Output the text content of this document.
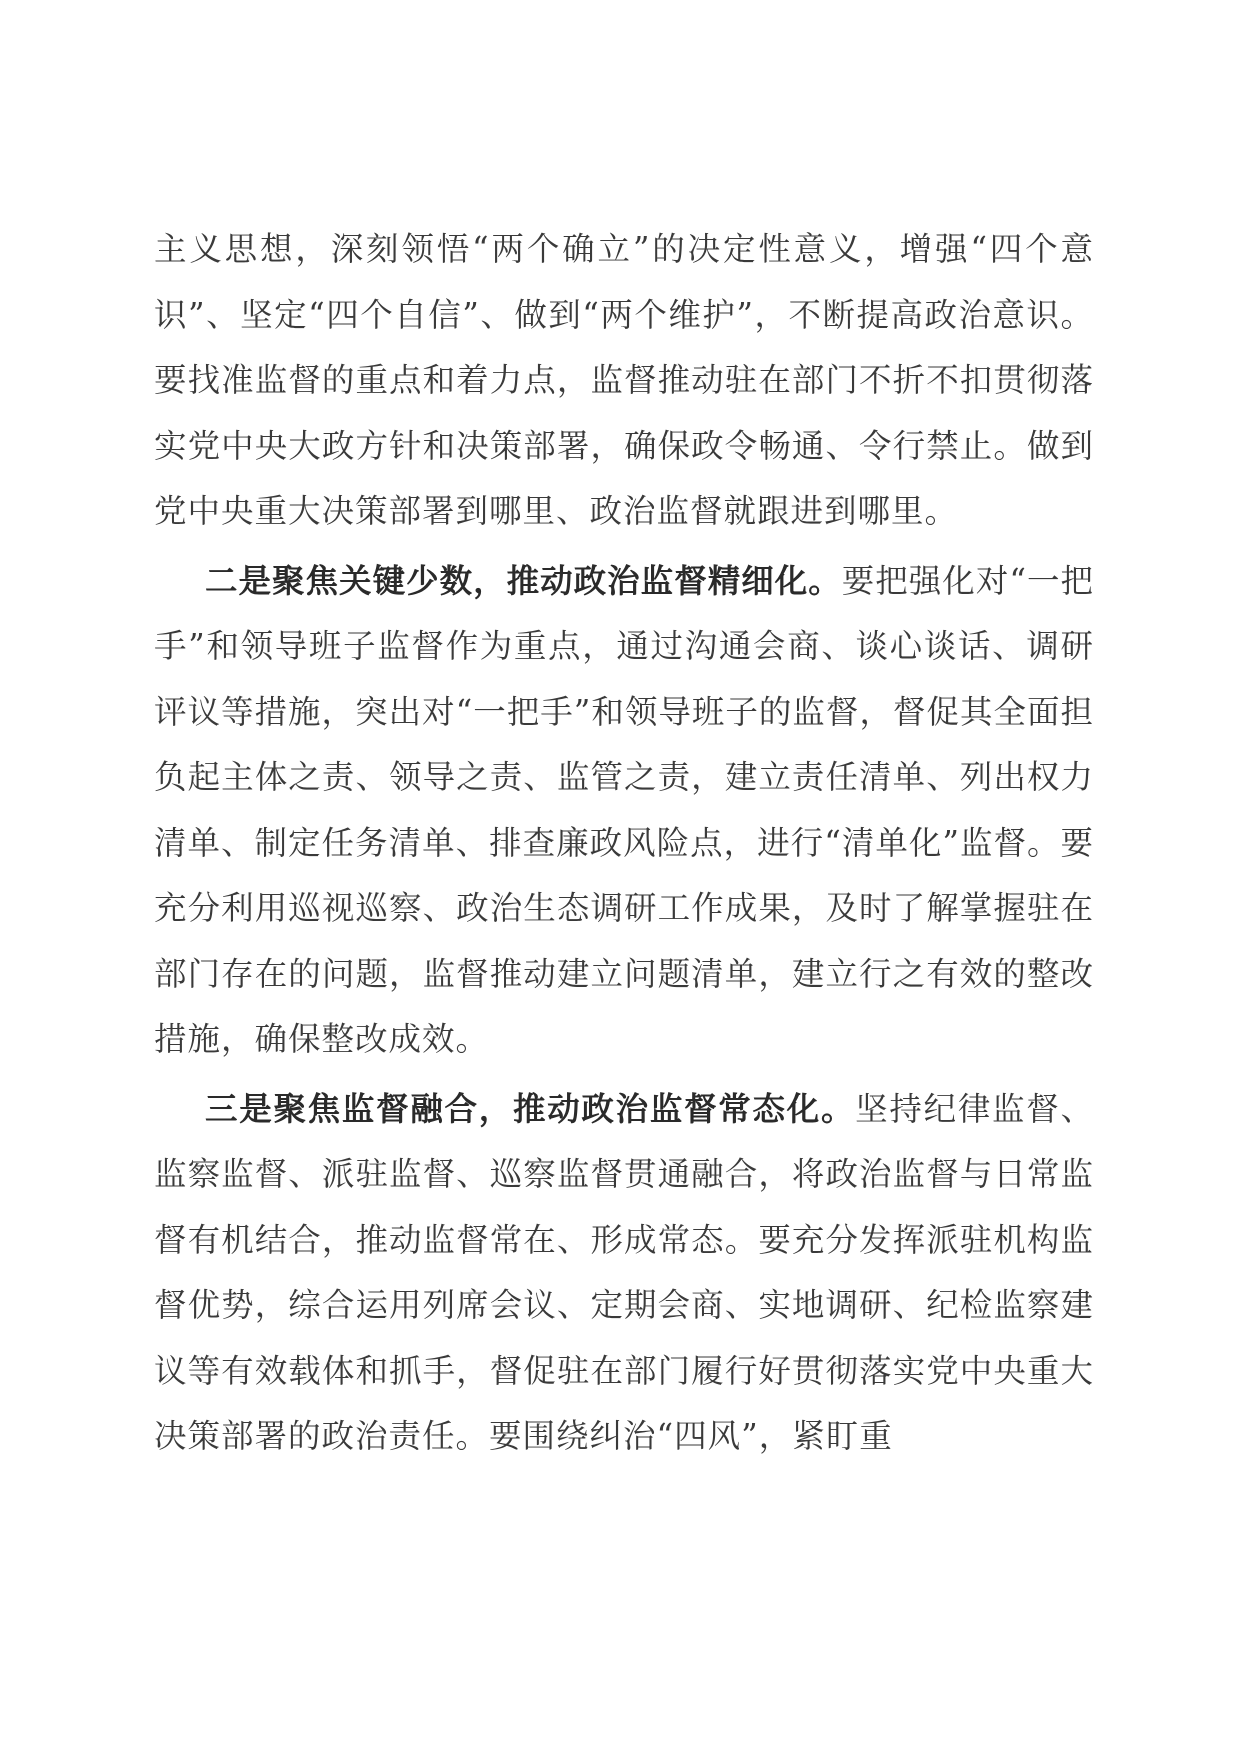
主义思想，深刻领悟“两个确立”的决定性意义，增强“四个意识”、坚定“四个自信”、做到“两个维护”，不断提高政治意识。要找准监督的重点和着力点，监督推动驻在部门不折不扣贯彻落实党中央大政方针和决策部署，确保政令畅通、令行禁止。做到党中央重大决策部署到哪里、政治监督就跟进到哪里。

二是聚焦关键少数，推动政治监督精细化。要把强化对“一把手”和领导班子监督作为重点，通过沟通会商、谈心谈话、调研评议等措施，突出对“一把手”和领导班子的监督，督促其全面担负起主体之责、领导之责、监管之责，建立责任清单、列出权力清单、制定任务清单、排查廉政风险点，进行“清单化”监督。要充分利用巡视巡察、政治生态调研工作成果，及时了解掌握驻在部门存在的问题，监督推动建立问题清单，建立行之有效的整改措施，确保整改成效。

三是聚焦监督融合，推动政治监督常态化。坚持纪律监督、监察监督、派驻监督、巡察监督贯通融合，将政治监督与日常监督有机结合，推动监督常在、形成常态。要充分发挥派驻机构监督优势，综合运用列席会议、定期会商、实地调研、纪检监察建议等有效载体和抓手，督促驻在部门履行好贯彻落实党中央重大决策部署的政治责任。要围绕纠治“四风”，紧盯重
